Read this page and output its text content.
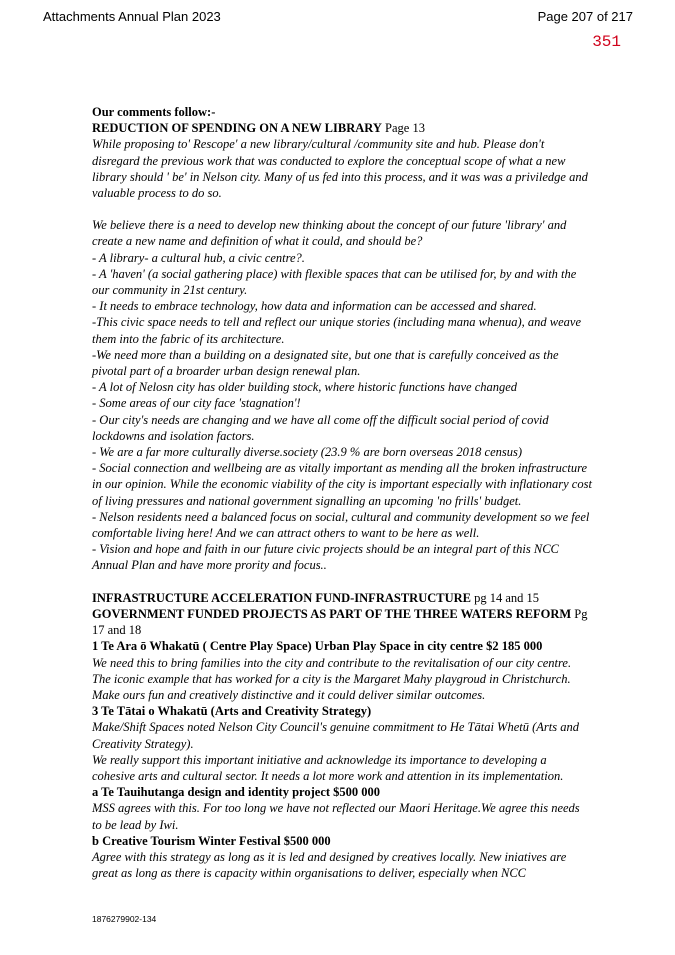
Attachments Annual Plan 2023	Page 207 of 217
351

Our comments follow:-

REDUCTION OF SPENDING ON A NEW LIBRARY Page 13

While proposing to' Rescope' a new library/cultural /community site and hub. Please don't disregard the previous work that was conducted to explore the conceptual scope of what a new library should ' be' in Nelson city. Many of us fed into this process, and it was was a priviledge and valuable process to do so.

We believe there is a need to develop new thinking about the concept of our future 'library' and create a new name and definition of what it could, and should be?

- A library- a cultural hub, a civic centre?.

- A 'haven' (a social gathering place) with flexible spaces that can be utilised for, by and with the our community in 21st century.

- It needs to embrace technology, how data and information can be accessed and shared.

-This civic space needs to tell and reflect our unique stories (including mana whenua), and weave them into the fabric of its architecture.

-We need more than a building on a designated site, but one that is carefully conceived as the pivotal part of a broarder urban design renewal plan.

- A lot of Nelosn city has older building stock, where historic functions have changed

- Some areas of our city face 'stagnation'!

- Our city's needs are changing and we have all come off the difficult social period of covid lockdowns and isolation factors.

- We are a far more culturally diverse.society (23.9 % are born overseas 2018 census)

- Social connection and wellbeing are as vitally important as mending all the broken infrastructure in our opinion. While the economic viability of the city is important especially with inflationary cost of living pressures and national government signalling an upcoming 'no frills' budget.

- Nelson residents need a balanced focus on social, cultural and community development so we feel comfortable living here! And we can attract others to want to be here as well.

- Vision and hope and faith in our future civic projects should be an integral part of this NCC Annual Plan and have more prority and focus..

INFRASTRUCTURE ACCELERATION FUND-INFRASTRUCTURE pg 14 and 15
GOVERNMENT FUNDED PROJECTS AS PART OF THE THREE WATERS REFORM Pg 17 and 18

1 Te Ara ō Whakatū ( Centre Play Space) Urban Play Space in city centre $2 185 000

We need this to bring families into the city and contribute to the revitalisation of our city centre. The iconic example that has worked for a city is the Margaret Mahy playgroud in Christchurch. Make ours fun and creatively distinctive and it could deliver similar outcomes.

3 Te Tātai o Whakatū (Arts and Creativity Strategy)

Make/Shift Spaces noted Nelson City Council's genuine commitment to He Tātai Whetū (Arts and Creativity Strategy).

We really support this important initiative and acknowledge its importance to developing a cohesive arts and cultural sector. It needs a lot more work and attention in its implementation.

a Te Tauihutanga design and identity project $500 000

MSS agrees with this. For too long we have not reflected our Maori Heritage.We agree this needs to be lead by Iwi.

b Creative Tourism Winter Festival $500 000

Agree with this strategy as long as it is led and designed by creatives locally. New iniatives are great as long as there is capacity within organisations to deliver, especially when NCC

1876279902-134
